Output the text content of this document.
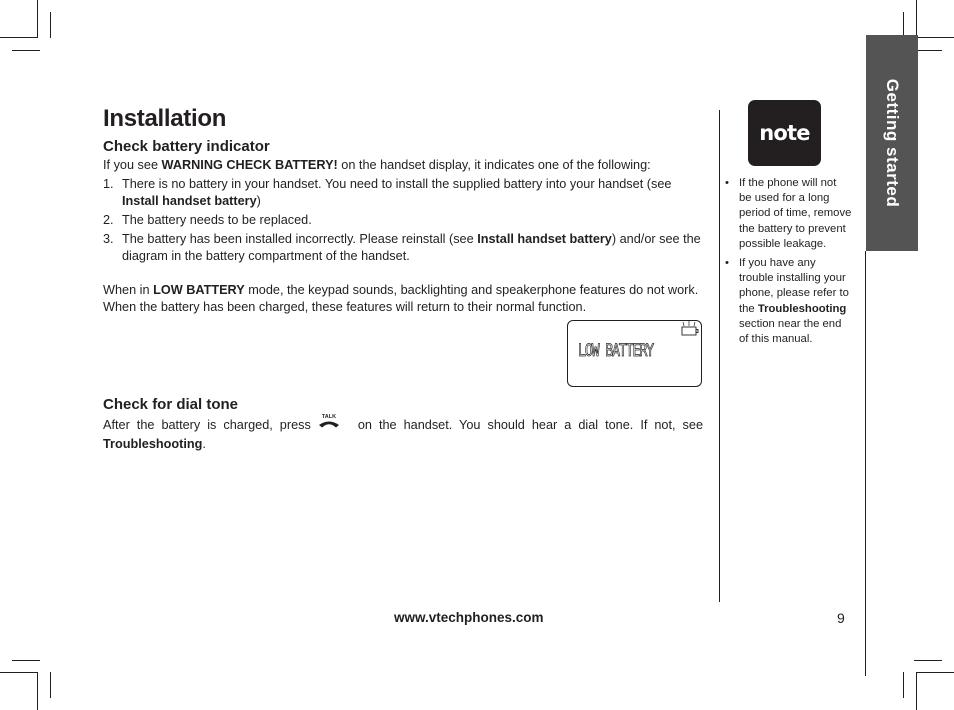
Getting started
Installation
Check battery indicator

If you see WARNING CHECK BATTERY! on the handset display, it indicates one of the following:

1. There is no battery in your handset. You need to install the supplied battery into your handset (see Install handset battery)
2. The battery needs to be replaced.
3. The battery has been installed incorrectly. Please reinstall (see Install handset battery) and/or see the diagram in the battery compartment of the handset.

When in LOW BATTERY mode, the keypad sounds, backlighting and speakerphone features do not work. When the battery has been charged, these features will return to their normal function.

LOW BATTERY
Check for dial tone

After the battery is charged, press
TALK
on the handset. You should hear a dial tone. If not, see Troubleshooting.

note
• If the phone will not be used for a long period of time, remove the battery to prevent possible leakage.
• If you have any trouble installing your phone, please refer to the Troubleshooting section near the end of this manual.
www.vtechphones.com	9
